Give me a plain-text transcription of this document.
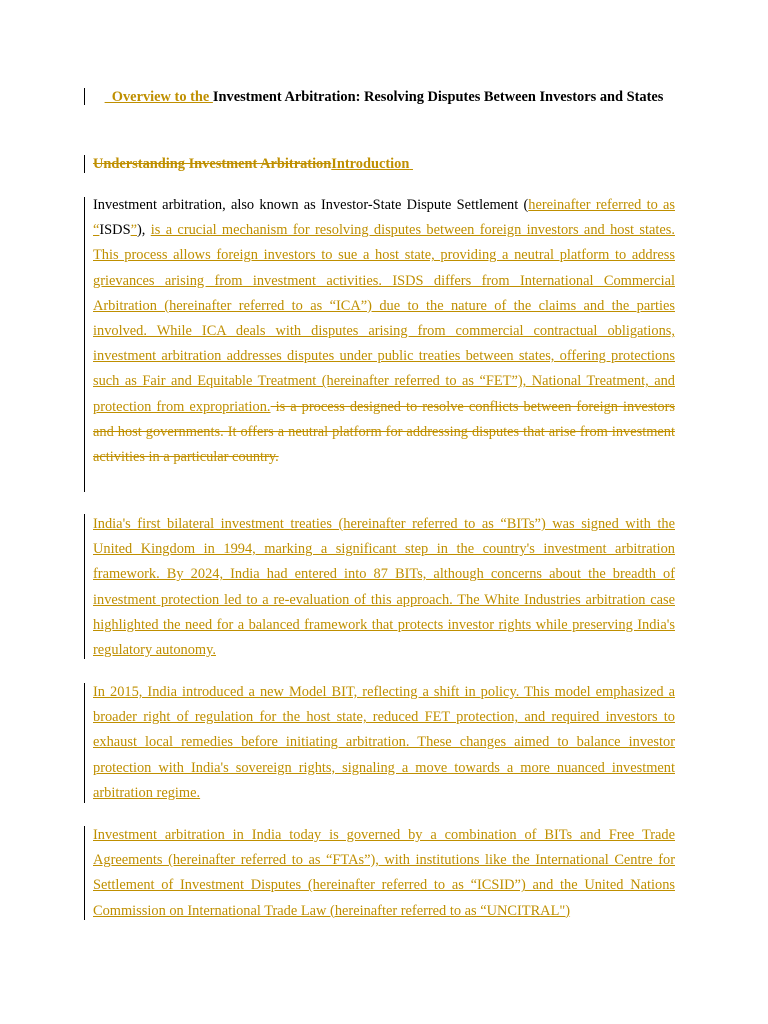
Overview to the Investment Arbitration: Resolving Disputes Between Investors and States

Understanding Investment ArbitrationIntroduction

Investment arbitration, also known as Investor-State Dispute Settlement (hereinafter referred to as “ISDS”), is a crucial mechanism for resolving disputes between foreign investors and host states. This process allows foreign investors to sue a host state, providing a neutral platform to address grievances arising from investment activities. ISDS differs from International Commercial Arbitration (hereinafter referred to as “ICA”) due to the nature of the claims and the parties involved. While ICA deals with disputes arising from commercial contractual obligations, investment arbitration addresses disputes under public treaties between states, offering protections such as Fair and Equitable Treatment (hereinafter referred to as “FET”), National Treatment, and protection from expropriation. is a process designed to resolve conflicts between foreign investors and host governments. It offers a neutral platform for addressing disputes that arise from investment activities in a particular country.

India's first bilateral investment treaties (hereinafter referred to as “BITs”) was signed with the United Kingdom in 1994, marking a significant step in the country's investment arbitration framework. By 2024, India had entered into 87 BITs, although concerns about the breadth of investment protection led to a re-evaluation of this approach. The White Industries arbitration case highlighted the need for a balanced framework that protects investor rights while preserving India's regulatory autonomy.

In 2015, India introduced a new Model BIT, reflecting a shift in policy. This model emphasized a broader right of regulation for the host state, reduced FET protection, and required investors to exhaust local remedies before initiating arbitration. These changes aimed to balance investor protection with India's sovereign rights, signaling a move towards a more nuanced investment arbitration regime.

Investment arbitration in India today is governed by a combination of BITs and Free Trade Agreements (hereinafter referred to as “FTAs”), with institutions like the International Centre for Settlement of Investment Disputes (hereinafter referred to as “ICSID”) and the United Nations Commission on International Trade Law (hereinafter referred to as “UNCITRAL")
